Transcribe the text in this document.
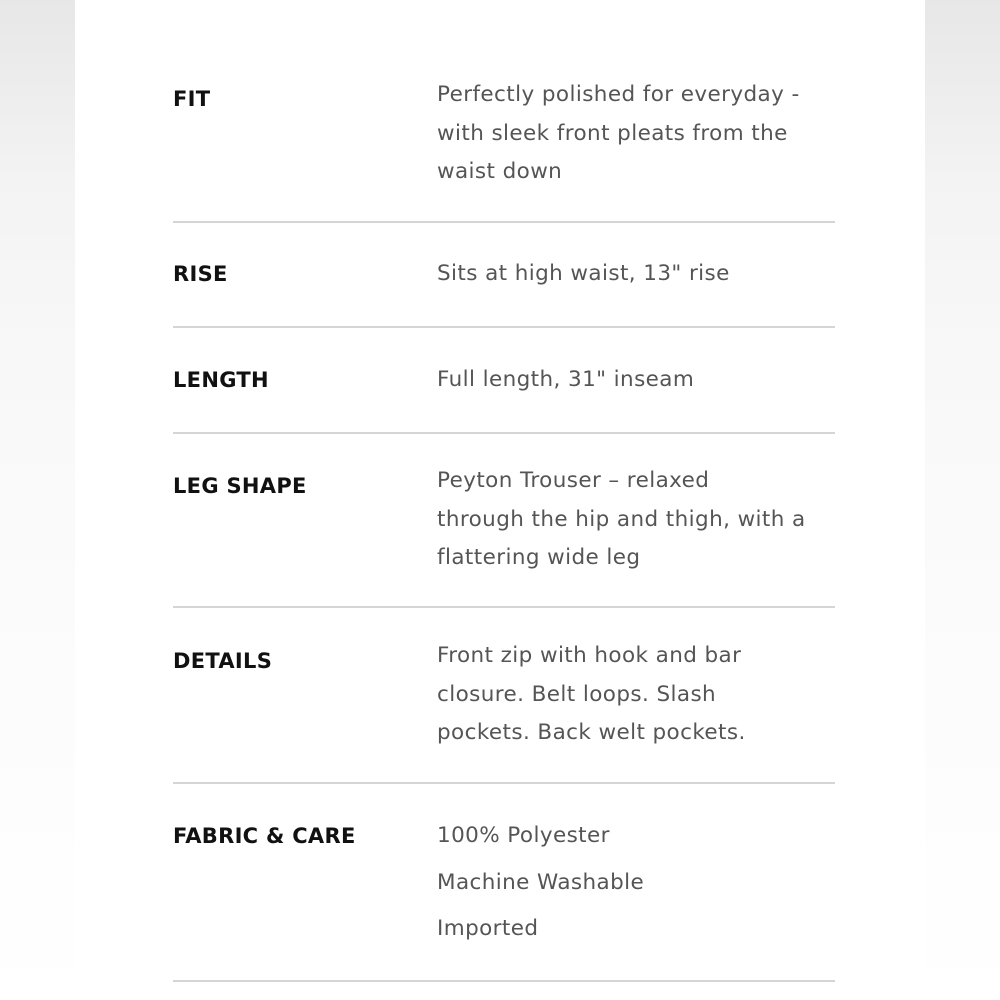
FIT	Perfectly polished for everyday -
with sleek front pleats from the
waist down
RISE	Sits at high waist, 13" rise
LENGTH	Full length, 31" inseam
LEG SHAPE	Peyton Trouser – relaxed
through the hip and thigh, with a
flattering wide leg
DETAILS	Front zip with hook and bar
closure. Belt loops. Slash
pockets. Back welt pockets.
FABRIC & CARE	100% Polyester
Machine Washable
Imported
